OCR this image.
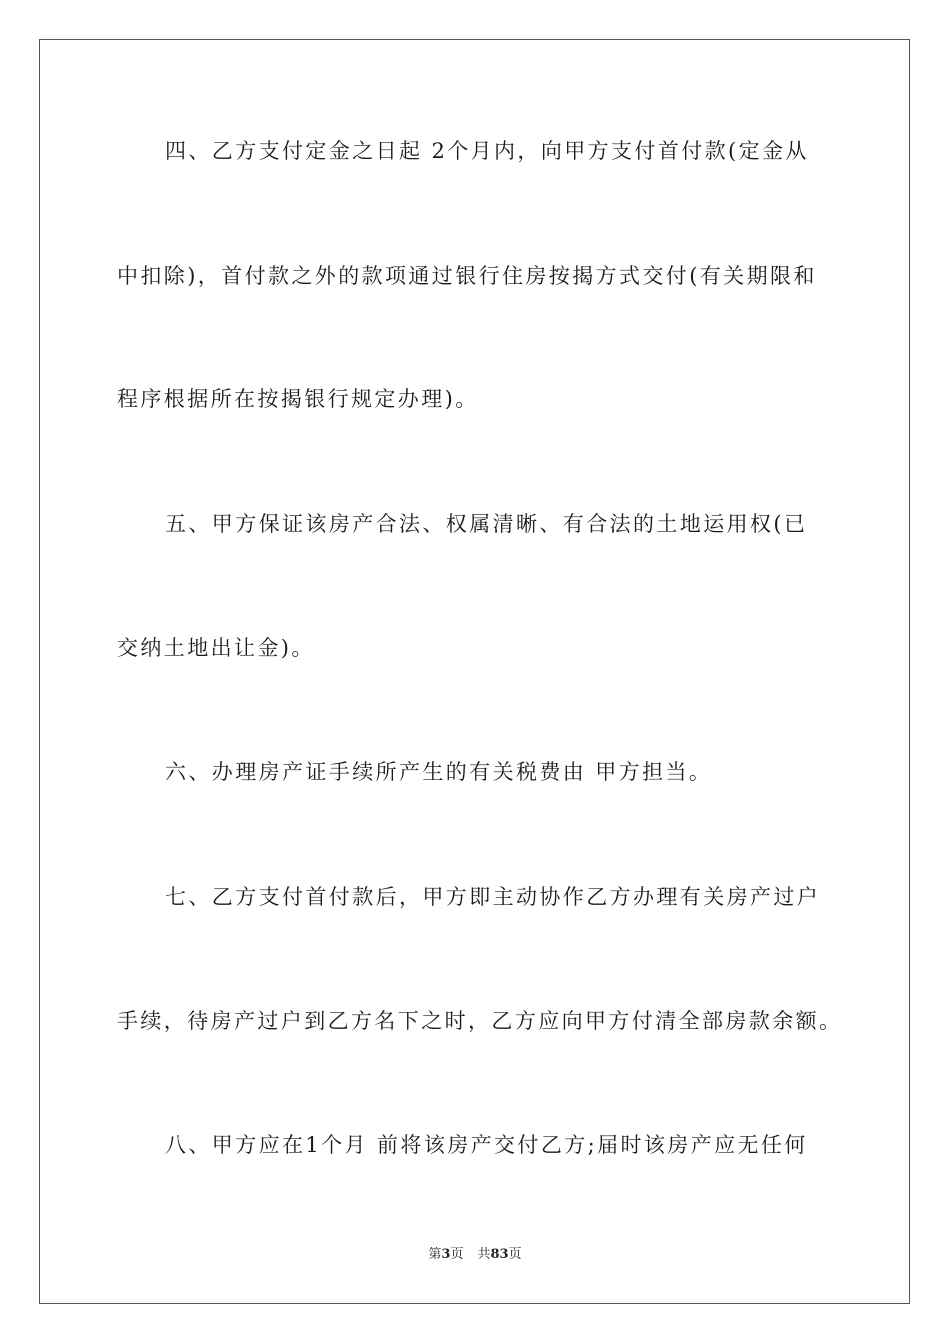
四、乙方支付定金之日起 2个月内，向甲方支付首付款(定金从
中扣除)，首付款之外的款项通过银行住房按揭方式交付(有关期限和
程序根据所在按揭银行规定办理)。
五、甲方保证该房产合法、权属清晰、有合法的土地运用权(已
交纳土地出让金)。
六、办理房产证手续所产生的有关税费由 甲方担当。
七、乙方支付首付款后，甲方即主动协作乙方办理有关房产过户
手续，待房产过户到乙方名下之时，乙方应向甲方付清全部房款余额。
八、甲方应在1个月 前将该房产交付乙方;届时该房产应无任何
第3页 共83页
